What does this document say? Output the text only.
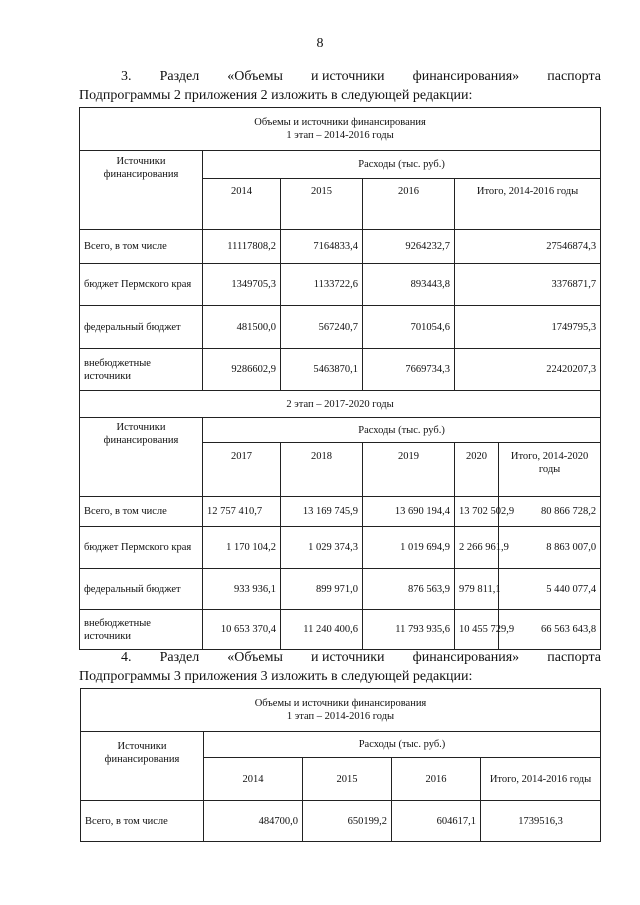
8
3. Раздел «Объемы и источники финансирования» паспорта
Подпрограммы 2 приложения 2 изложить в следующей редакции:
Объемы и источники финансирования
1 этап – 2014-2016 годы					

Источники финансирования	Расходы (тыс. руб.)				
	2014	2015	2016	Итого, 2014-2016 годы	
Всего, в том числе	11117808,2	7164833,4	9264232,7	27546874,3	
бюджет Пермского края	1349705,3	1133722,6	893443,8	3376871,7	
федеральный бюджет	481500,0	567240,7	701054,6	1749795,3	
внебюджетные источники	9286602,9	5463870,1	7669734,3	22420207,3	
2 этап – 2017-2020 годы					
Источники финансирования	Расходы (тыс. руб.)				
	2017	2018	2019	2020	Итого, 2014-2020 годы
Всего, в том числе	12 757 410,7	13 169 745,9	13 690 194,4	13 702 502,9	80 866 728,2
бюджет Пермского края	1 170 104,2	1 029 374,3	1 019 694,9	2 266 961,9	8 863 007,0
федеральный бюджет	933 936,1	899 971,0	876 563,9	979 811,1	5 440 077,4
внебюджетные источники	10 653 370,4	11 240 400,6	11 793 935,6	10 455 729,9	66 563 643,8
4. Раздел «Объемы и источники финансирования» паспорта
Подпрограммы 3 приложения 3 изложить в следующей редакции:
Объемы и источники финансирования
1 этап – 2014-2016 годы				

Источники финансирования	Расходы (тыс. руб.)			
	2014	2015	2016	Итого, 2014-2016 годы
Всего, в том числе	484700,0	650199,2	604617,1	1739516,3
